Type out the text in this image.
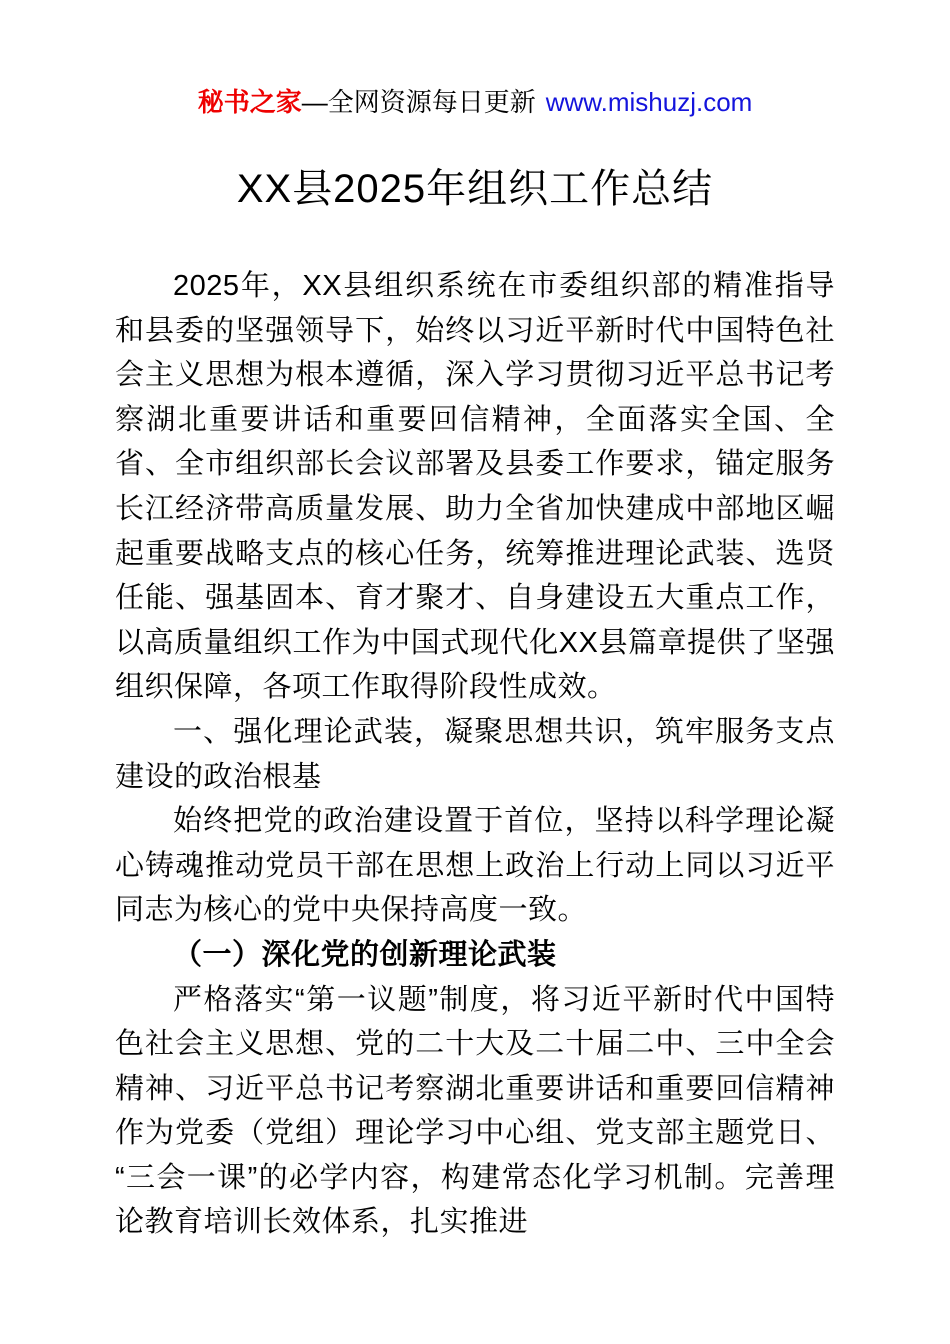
秘书之家—全网资源每日更新 www.mishuzj.com
XX县2025年组织工作总结

2025年，XX县组织系统在市委组织部的精准指导和县委的坚强领导下，始终以习近平新时代中国特色社会主义思想为根本遵循，深入学习贯彻习近平总书记考察湖北重要讲话和重要回信精神，全面落实全国、全省、全市组织部长会议部署及县委工作要求，锚定服务长江经济带高质量发展、助力全省加快建成中部地区崛起重要战略支点的核心任务，统筹推进理论武装、选贤任能、强基固本、育才聚才、自身建设五大重点工作，以高质量组织工作为中国式现代化XX县篇章提供了坚强组织保障，各项工作取得阶段性成效。

一、强化理论武装，凝聚思想共识，筑牢服务支点建设的政治根基

始终把党的政治建设置于首位，坚持以科学理论凝心铸魂推动党员干部在思想上政治上行动上同以习近平同志为核心的党中央保持高度一致。

（一）深化党的创新理论武装

严格落实“第一议题”制度，将习近平新时代中国特色社会主义思想、党的二十大及二十届二中、三中全会精神、习近平总书记考察湖北重要讲话和重要回信精神作为党委（党组）理论学习中心组、党支部主题党日、“三会一课”的必学内容，构建常态化学习机制。完善理论教育培训长效体系，扎实推进
